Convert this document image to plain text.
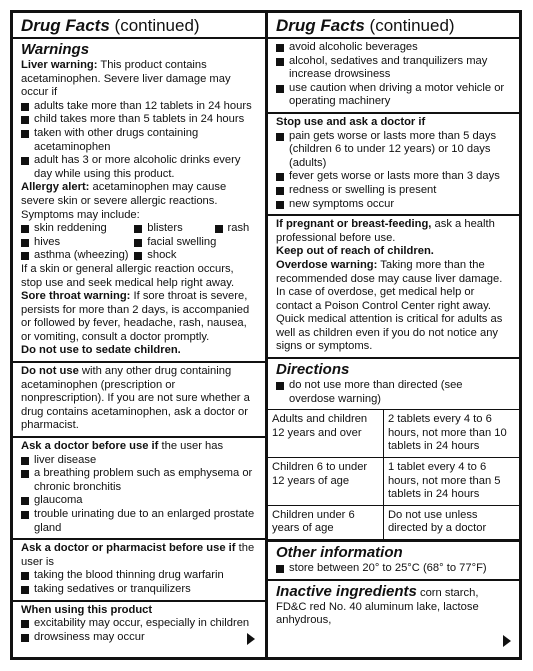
Drug Facts (continued)
Warnings
Liver warning: This product contains acetaminophen. Severe liver damage may occur if
adults take more than 12 tablets in 24 hours
child takes more than 5 tablets in 24 hours
taken with other drugs containing acetaminophen
adult has 3 or more alcoholic drinks every day while using this product.
Allergy alert: acetaminophen may cause severe skin or severe allergic reactions. Symptoms may include:
skin reddening	blisters	rash
hives	facial swelling
asthma (wheezing)	shock
If a skin or general allergic reaction occurs, stop use and seek medical help right away.
Sore throat warning: If sore throat is severe, persists for more than 2 days, is accompanied or followed by fever, headache, rash, nausea, or vomiting, consult a doctor promptly.
Do not use to sedate children.
Do not use with any other drug containing acetaminophen (prescription or nonprescription). If you are not sure whether a drug contains acetaminophen, ask a doctor or pharmacist.
Ask a doctor before use if the user has
liver disease
a breathing problem such as emphysema or chronic bronchitis
glaucoma
trouble urinating due to an enlarged prostate gland
Ask a doctor or pharmacist before use if the user is
taking the blood thinning drug warfarin
taking sedatives or tranquilizers
When using this product
excitability may occur, especially in children
drowsiness may occur
Drug Facts (continued)
avoid alcoholic beverages
alcohol, sedatives and tranquilizers may increase drowsiness
use caution when driving a motor vehicle or operating machinery
Stop use and ask a doctor if
pain gets worse or lasts more than 5 days (children 6 to under 12 years) or 10 days (adults)
fever gets worse or lasts more than 3 days
redness or swelling is present
new symptoms occur
If pregnant or breast-feeding, ask a health professional before use.
Keep out of reach of children.
Overdose warning: Taking more than the recommended dose may cause liver damage. In case of overdose, get medical help or contact a Poison Control Center right away. Quick medical attention is critical for adults as well as children even if you do not notice any signs or symptoms.
Directions
do not use more than directed (see overdose warning)
Adults and children 12 years and over	2 tablets every 4 to 6 hours, not more than 10 tablets in 24 hours
Children 6 to under 12 years of age	1 tablet every 4 to 6 hours, not more than 5 tablets in 24 hours
Children under 6 years of age	Do not use unless directed by a doctor
Other information
store between 20° to 25°C (68° to 77°F)
Inactive ingredients corn starch, FD&C red No. 40 aluminum lake, lactose anhydrous,
